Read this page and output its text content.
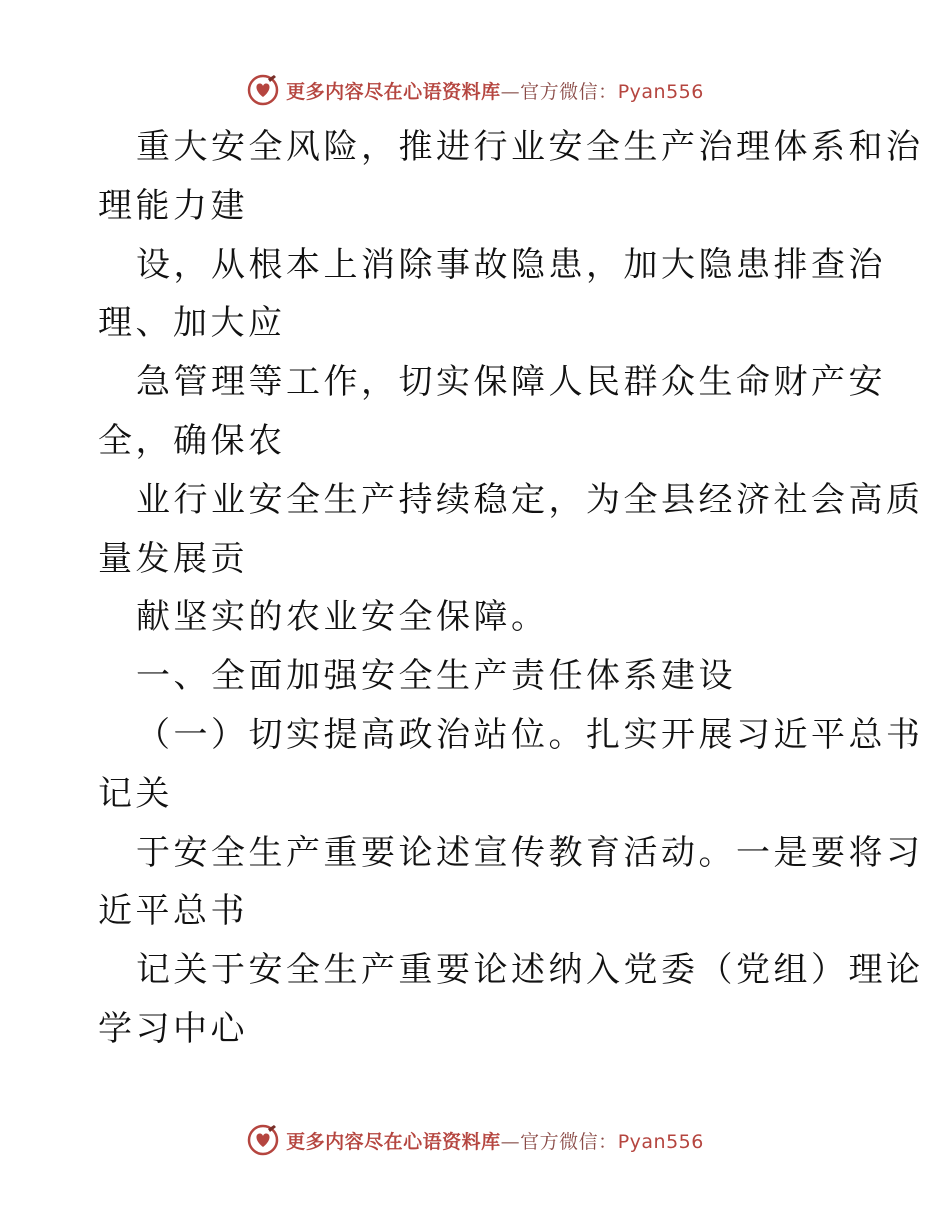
更多内容尽在心语资料库—官方微信：Pyan556
重大安全风险，推进行业安全生产治理体系和治
理能力建
设，从根本上消除事故隐患，加大隐患排查治
理、加大应
急管理等工作，切实保障人民群众生命财产安
全，确保农
业行业安全生产持续稳定，为全县经济社会高质
量发展贡
献坚实的农业安全保障。
一、全面加强安全生产责任体系建设
（一）切实提高政治站位。扎实开展习近平总书
记关
于安全生产重要论述宣传教育活动。一是要将习
近平总书
记关于安全生产重要论述纳入党委（党组）理论
学习中心
更多内容尽在心语资料库—官方微信：Pyan556
